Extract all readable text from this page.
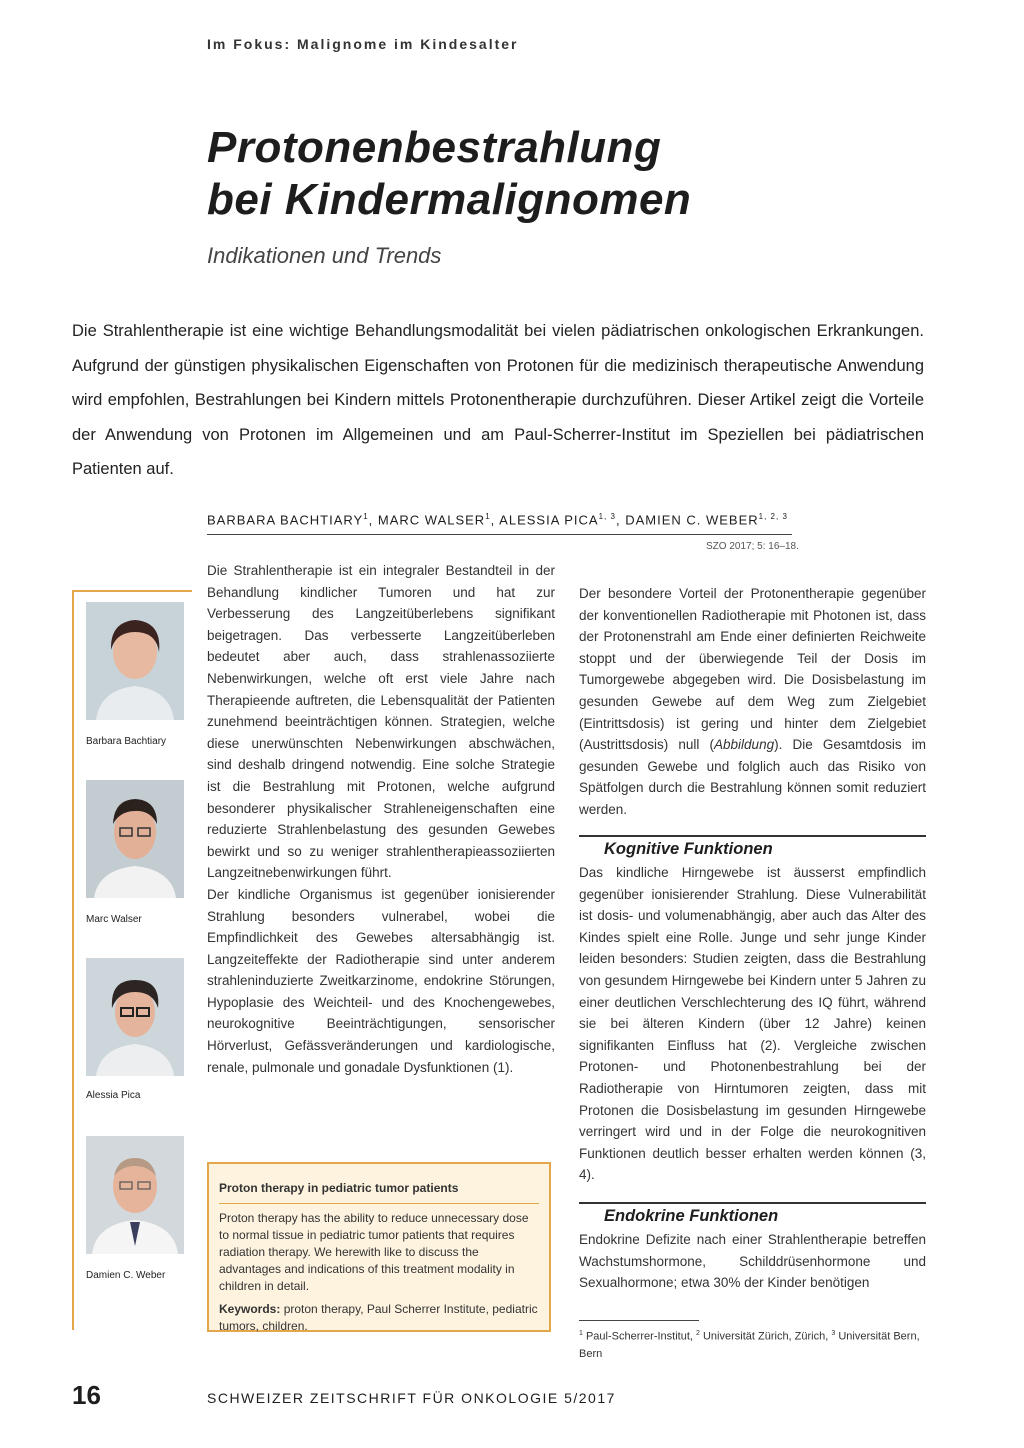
Im Fokus: Malignome im Kindesalter
Protonenbestrahlung
bei Kindermalignomen
Indikationen und Trends

Die Strahlentherapie ist eine wichtige Behandlungsmodalität bei vielen pädiatrischen onkologischen Erkrankungen. Aufgrund der günstigen physikalischen Eigenschaften von Protonen für die medizinisch therapeutische Anwendung wird empfohlen, Bestrahlungen bei Kindern mittels Protonentherapie durchzuführen. Dieser Artikel zeigt die Vorteile der Anwendung von Protonen im Allgemeinen und am Paul-Scherrer-Institut im Speziellen bei pädiatrischen Patienten auf.

BARBARA BACHTIARY$^1$, MARC WALSER$^1$, ALESSIA PICA$^{1, 3}$, DAMIEN C. WEBER$^{1, 2, 3}$
SZO 2017; 5: 16–18.
Barbara Bachtiary
Marc Walser
Alessia Pica
Damien C. Weber

Die Strahlentherapie ist ein integraler Bestandteil in der Behandlung kindlicher Tumoren und hat zur Verbesserung des Langzeitüberlebens signifikant beigetragen. Das verbesserte Langzeitüberleben bedeutet aber auch, dass strahlenassoziierte Nebenwirkungen, welche oft erst viele Jahre nach Therapieende auftreten, die Lebensqualität der Patienten zunehmend beeinträchtigen können. Strategien, welche diese unerwünschten Nebenwirkungen abschwächen, sind deshalb dringend notwendig. Eine solche Strategie ist die Bestrahlung mit Protonen, welche aufgrund besonderer physikalischer Strahleneigenschaften eine reduzierte Strahlenbelastung des gesunden Gewebes bewirkt und so zu weniger strahlentherapieassoziierten Langzeitnebenwirkungen führt.

Der kindliche Organismus ist gegenüber ionisierender Strahlung besonders vulnerabel, wobei die Empfindlichkeit des Gewebes altersabhängig ist. Langzeiteffekte der Radiotherapie sind unter anderem strahleninduzierte Zweitkarzinome, endokrine Störungen, Hypoplasie des Weichteil- und des Knochengewebes, neurokognitive Beeinträchtigungen, sensorischer Hörverlust, Gefässveränderungen und kardiologische, renale, pulmonale und gonadale Dysfunktionen (1).

Der besondere Vorteil der Protonentherapie gegenüber der konventionellen Radiotherapie mit Photonen ist, dass der Protonenstrahl am Ende einer definierten Reichweite stoppt und der überwiegende Teil der Dosis im Tumorgewebe abgegeben wird. Die Dosisbelastung im gesunden Gewebe auf dem Weg zum Zielgebiet (Eintrittsdosis) ist gering und hinter dem Zielgebiet (Austrittsdosis) null (Abbildung). Die Gesamtdosis im gesunden Gewebe und folglich auch das Risiko von Spätfolgen durch die Bestrahlung können somit reduziert werden.

Kognitive Funktionen

Das kindliche Hirngewebe ist äusserst empfindlich gegenüber ionisierender Strahlung. Diese Vulnerabilität ist dosis- und volumenabhängig, aber auch das Alter des Kindes spielt eine Rolle. Junge und sehr junge Kinder leiden besonders: Studien zeigten, dass die Bestrahlung von gesundem Hirngewebe bei Kindern unter 5 Jahren zu einer deutlichen Verschlechterung des IQ führt, während sie bei älteren Kindern (über 12 Jahre) keinen signifikanten Einfluss hat (2). Vergleiche zwischen Protonen- und Photonenbestrahlung bei der Radiotherapie von Hirntumoren zeigten, dass mit Protonen die Dosisbelastung im gesunden Hirngewebe verringert wird und in der Folge die neurokognitiven Funktionen deutlich besser erhalten werden können (3, 4).

Endokrine Funktionen

Endokrine Defizite nach einer Strahlentherapie betreffen Wachstumshormone, Schilddrüsenhormone und Sexualhormone; etwa 30% der Kinder benötigen

Proton therapy in pediatric tumor patients

Proton therapy has the ability to reduce unnecessary dose to normal tissue in pediatric tumor patients that requires radiation therapy. We herewith like to discuss the advantages and indications of this treatment modality in children in detail.

Keywords: proton therapy, Paul Scherrer Institute, pediatric tumors, children.

$^1$ Paul-Scherrer-Institut, $^2$ Universität Zürich, Zürich, $^3$ Universität Bern, Bern
16	SCHWEIZER ZEITSCHRIFT FÜR ONKOLOGIE 5/2017
